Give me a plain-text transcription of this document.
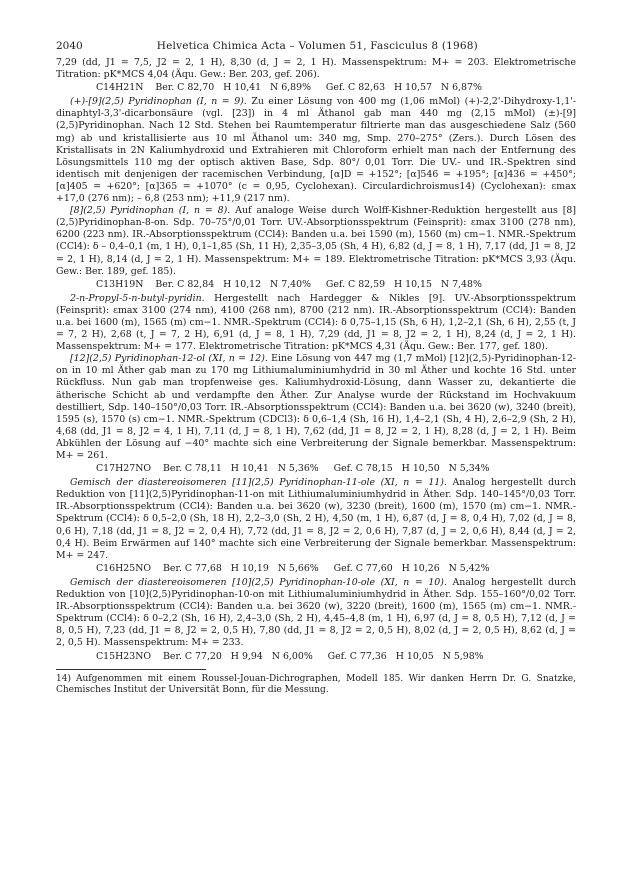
2040	Helvetica Chimica Acta – Volumen 51, Fasciculus 8 (1968)

7,29 (dd, J1 = 7,5, J2 = 2, 1 H), 8,30 (d, J = 2, 1 H). Massenspektrum: M+ = 203. Elektrometrische Titration: pK*MCS 4,04 (Äqu. Gew.: Ber. 203, gef. 206).

C14H21N    Ber. C 82,70   H 10,41   N 6,89%     Gef. C 82,63   H 10,57   N 6,87%

(+)-[9](2,5) Pyridinophan (I, n = 9). Zu einer Lösung von 400 mg (1,06 mMol) (+)-2,2'-Dihydroxy-1,1'-dinaphtyl-3,3'-dicarbonsäure (vgl. [23]) in 4 ml Äthanol gab man 440 mg (2,15 mMol) (±)-[9](2,5)Pyridinophan. Nach 12 Std. Stehen bei Raumtemperatur filtrierte man das ausgeschiedene Salz (560 mg) ab und kristallisierte aus 10 ml Äthanol um: 340 mg, Smp. 270–275° (Zers.). Durch Lösen des Kristallisats in 2N Kaliumhydroxid und Extrahieren mit Chloroform erhielt man nach der Entfernung des Lösungsmittels 110 mg der optisch aktiven Base, Sdp. 80°/ 0,01 Torr. Die UV.- und IR.-Spektren sind identisch mit denjenigen der racemischen Verbindung, [α]D = +152°; [α]546 = +195°; [α]436 = +450°; [α]405 = +620°; [α]365 = +1070° (c = 0,95, Cyclohexan). Circulardichroismus14) (Cyclohexan): εmax +17,0 (276 nm); – 6,8 (253 nm); +11,9 (217 nm).

[8](2,5) Pyridinophan (I, n = 8). Auf analoge Weise durch Wolff-Kishner-Reduktion hergestellt aus [8](2,5)Pyridinophan-8-on. Sdp. 70–75°/0,01 Torr. UV.-Absorptionsspektrum (Feinsprit): εmax 3100 (278 nm), 6200 (223 nm). IR.-Absorptionsspektrum (CCl4): Banden u.a. bei 1590 (m), 1560 (m) cm−1. NMR.-Spektrum (CCl4): δ – 0,4–0,1 (m, 1 H), 0,1–1,85 (Sh, 11 H), 2,35–3,05 (Sh, 4 H), 6,82 (d, J = 8, 1 H), 7,17 (dd, J1 = 8, J2 = 2, 1 H), 8,14 (d, J = 2, 1 H). Massenspektrum: M+ = 189. Elektrometrische Titration: pK*MCS 3,93 (Äqu. Gew.: Ber. 189, gef. 185).

C13H19N    Ber. C 82,84   H 10,12   N 7,40%     Gef. C 82,59   H 10,15   N 7,48%

2-n-Propyl-5-n-butyl-pyridin. Hergestellt nach Hardegger & Nikles [9]. UV.-Absorptionsspektrum (Feinsprit): εmax 3100 (274 nm), 4100 (268 nm), 8700 (212 nm). IR.-Absorptionsspektrum (CCl4): Banden u.a. bei 1600 (m), 1565 (m) cm−1. NMR.-Spektrum (CCl4): δ 0,75–1,15 (Sh, 6 H), 1,2–2,1 (Sh, 6 H), 2,55 (t, J = 7, 2 H), 2,68 (t, J = 7, 2 H), 6,91 (d, J = 8, 1 H), 7,29 (dd, J1 = 8, J2 = 2, 1 H), 8,24 (d, J = 2, 1 H). Massenspektrum: M+ = 177. Elektrometrische Titration: pK*MCS 4,31 (Äqu. Gew.: Ber. 177, gef. 180).

[12](2,5) Pyridinophan-12-ol (XI, n = 12). Eine Lösung von 447 mg (1,7 mMol) [12](2,5)-Pyridinophan-12-on in 10 ml Äther gab man zu 170 mg Lithiumaluminiumhydrid in 30 ml Äther und kochte 16 Std. unter Rückfluss. Nun gab man tropfenweise ges. Kaliumhydroxid-Lösung, dann Wasser zu, dekantierte die ätherische Schicht ab und verdampfte den Äther. Zur Analyse wurde der Rückstand im Hochvakuum destilliert, Sdp. 140–150°/0,03 Torr. IR.-Absorptionsspektrum (CCl4): Banden u.a. bei 3620 (w), 3240 (breit), 1595 (s), 1570 (s) cm−1. NMR.-Spektrum (CDCl3): δ 0,6–1,4 (Sh, 16 H), 1,4–2,1 (Sh, 4 H), 2,6–2,9 (Sh, 2 H), 4,68 (dd, J1 = 8, J2 = 4, 1 H), 7,11 (d, J = 8, 1 H), 7,62 (dd, J1 = 8, J2 = 2, 1 H), 8,28 (d, J = 2, 1 H). Beim Abkühlen der Lösung auf −40° machte sich eine Verbreiterung der Signale bemerkbar. Massenspektrum: M+ = 261.

C17H27NO    Ber. C 78,11   H 10,41   N 5,36%     Gef. C 78,15   H 10,50   N 5,34%

Gemisch der diastereoisomeren [11](2,5) Pyridinophan-11-ole (XI, n = 11). Analog hergestellt durch Reduktion von [11](2,5)Pyridinophan-11-on mit Lithiumaluminiumhydrid in Äther. Sdp. 140–145°/0,03 Torr. IR.-Absorptionsspektrum (CCl4): Banden u.a. bei 3620 (w), 3230 (breit), 1600 (m), 1570 (m) cm−1. NMR.-Spektrum (CCl4): δ 0,5–2,0 (Sh, 18 H), 2,2–3,0 (Sh, 2 H), 4,50 (m, 1 H), 6,87 (d, J = 8, 0,4 H), 7,02 (d, J = 8, 0,6 H), 7,18 (dd, J1 = 8, J2 = 2, 0,4 H), 7,72 (dd, J1 = 8, J2 = 2, 0,6 H), 7,87 (d, J = 2, 0,6 H), 8,44 (d, J = 2, 0,4 H). Beim Erwärmen auf 140° machte sich eine Verbreiterung der Signale bemerkbar. Massenspektrum: M+ = 247.

C16H25NO    Ber. C 77,68   H 10,19   N 5,66%     Gef. C 77,60   H 10,26   N 5,42%

Gemisch der diastereoisomeren [10](2,5) Pyridinophan-10-ole (XI, n = 10). Analog hergestellt durch Reduktion von [10](2,5)Pyridinophan-10-on mit Lithiumaluminiumhydrid in Äther. Sdp. 155–160°/0,02 Torr. IR.-Absorptionsspektrum (CCl4): Banden u.a. bei 3620 (w), 3220 (breit), 1600 (m), 1565 (m) cm−1. NMR.-Spektrum (CCl4): δ 0–2,2 (Sh, 16 H), 2,4–3,0 (Sh, 2 H), 4,45–4,8 (m, 1 H), 6,97 (d, J = 8, 0,5 H), 7,12 (d, J = 8, 0,5 H), 7,23 (dd, J1 = 8, J2 = 2, 0,5 H), 7,80 (dd, J1 = 8, J2 = 2, 0,5 H), 8,02 (d, J = 2, 0,5 H), 8,62 (d, J = 2, 0,5 H). Massenspektrum: M+ = 233.

C15H23NO    Ber. C 77,20   H 9,94   N 6,00%     Gef. C 77,36   H 10,05   N 5,98%

14) Aufgenommen mit einem Roussel-Jouan-Dichrographen, Modell 185. Wir danken Herrn Dr. G. Snatzke, Chemisches Institut der Universität Bonn, für die Messung.
